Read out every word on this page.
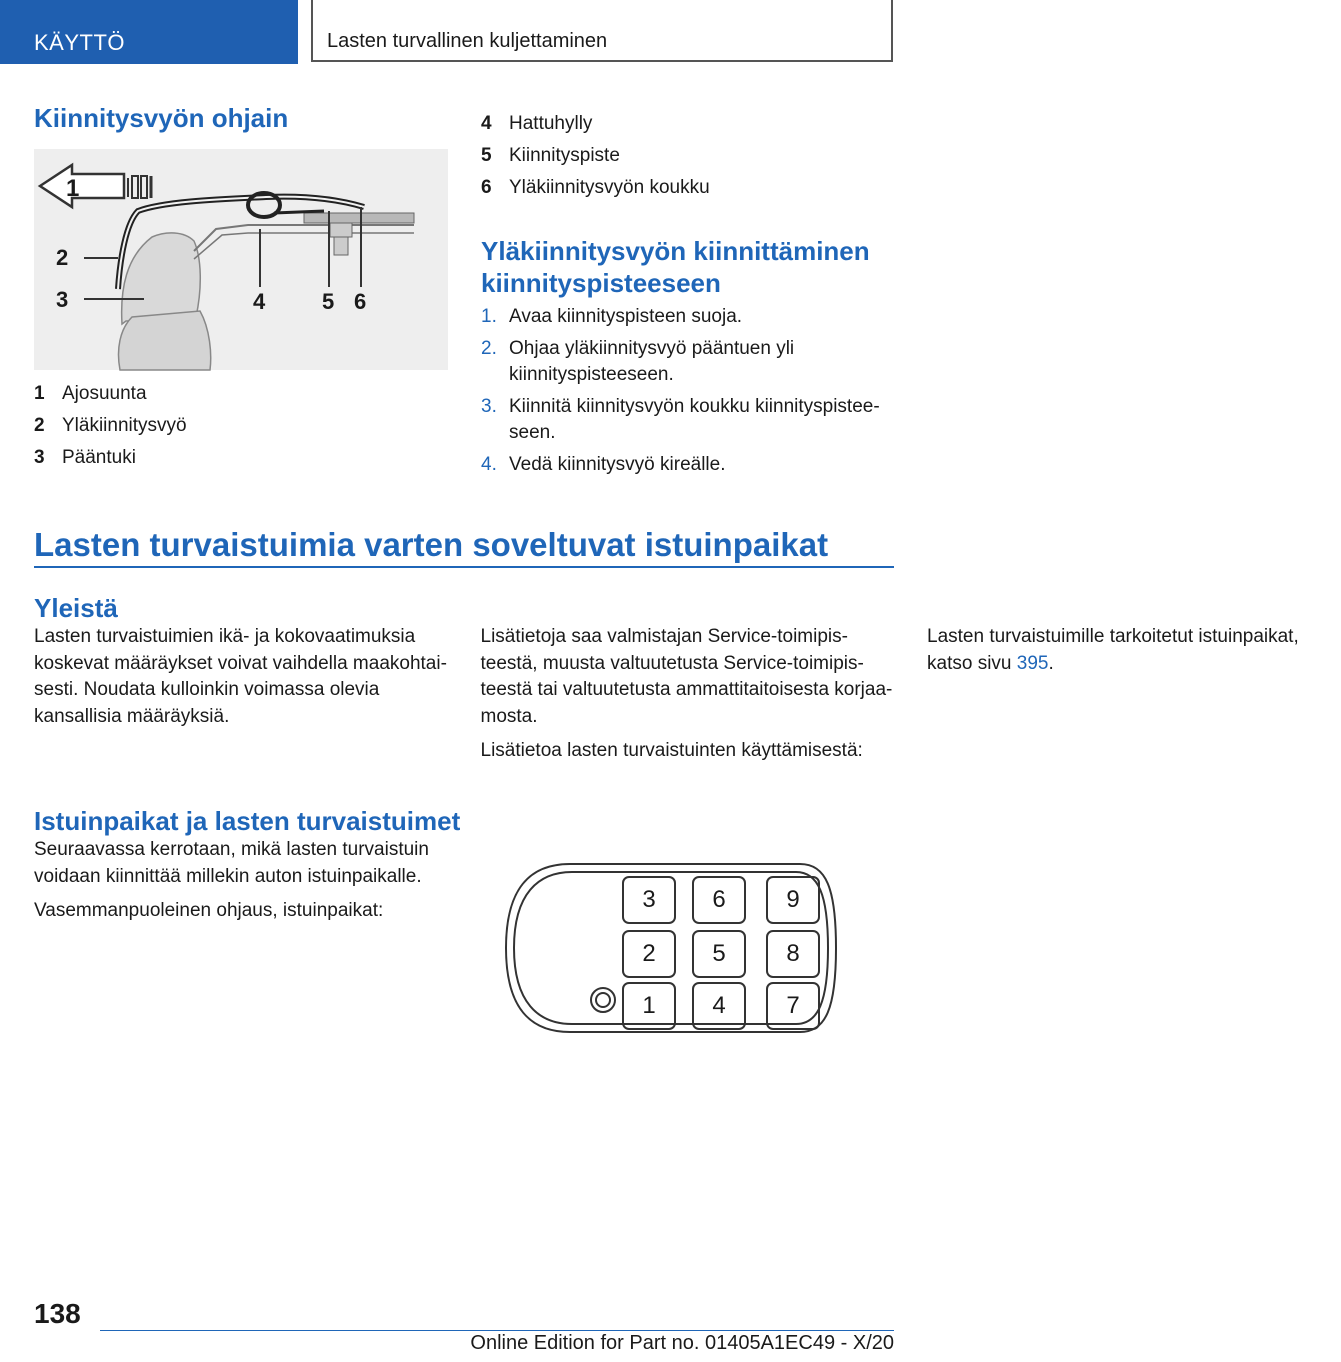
KÄYTTÖ	Lasten turvallinen kuljettaminen
Kiinnitysvyön ohjain
1
2
3	4	5 6
1 Ajosuunta
2 Yläkiinnitysvyö
3 Pääntuki
4 Hattuhylly
5 Kiinnityspiste
6 Yläkiinnitysvyön koukku
Yläkiinnitysvyön kiinnittäminen
kiinnityspisteeseen
1. Avaa kiinnityspisteen suoja.
2. Ohjaa yläkiinnitysvyö pääntuen yli kiinnityspisteeseen.
3. Kiinnitä kiinnitysvyön koukku kiinnityspisteeseen.
4. Vedä kiinnitysvyö kireälle.
Lasten turvaistuimia varten soveltuvat istuinpaikat
Yleistä

Lasten turvaistuimien ikä- ja kokovaatimuksia koskevat määräykset voivat vaihdella maakohtaisesti. Noudata kulloinkin voimassa olevia kansallisia määräyksiä.

Lisätietoja saa valmistajan Service-toimipisteestä, muusta valtuutetusta Service-toimipisteestä tai valtuutetusta ammattitaitoisesta korjaamosta.

Lisätietoa lasten turvaistuinten käyttämisestä:

Lasten turvaistuimille tarkoitetut istuinpaikat, katso sivu 395.

Istuinpaikat ja lasten turvaistuimet

Seuraavassa kerrotaan, mikä lasten turvaistuin voidaan kiinnittää millekin auton istuinpaikalle.

Vasemmanpuoleinen ohjaus, istuinpaikat:	3	6	9
2	5	8
1	4	7
138
Online Edition for Part no. 01405A1EC49 - X/20
